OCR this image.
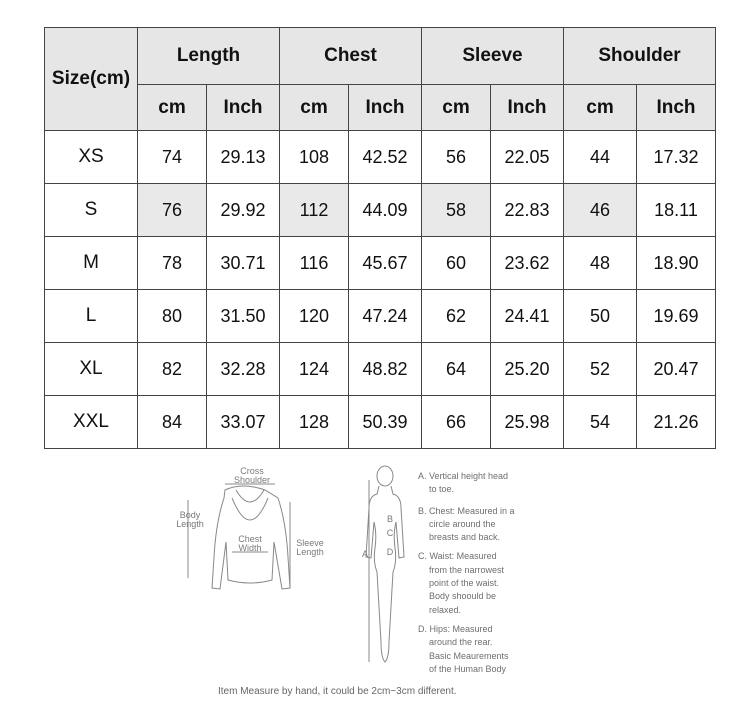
Size(cm)	Length		Chest		Sleeve		Shoulder	
	cm	Inch	cm	Inch	cm	Inch	cm	Inch
XS	74	29.13	108	42.52	56	22.05	44	17.32
S	76	29.92	112	44.09	58	22.83	46	18.11
M	78	30.71	116	45.67	60	23.62	48	18.90
L	80	31.50	120	47.24	62	24.41	50	19.69
XL	82	32.28	124	48.82	64	25.20	52	20.47
XXL	84	33.07	128	50.39	66	25.98	54	21.26
Cross Shoulder
Body Length
Chest Width	Sleeve Length	A
B
C
D
A. Vertical height head
to toe.
B. Chest: Measured in a
circle around the
breasts and back.
C. Waist: Measured
from the narrowest
point of the waist.
Body shoould be
relaxed.
D. Hips: Measured
around the rear.
Basic Meaurements
of the Human Body
Item Measure by hand, it could be 2cm~3cm different.
